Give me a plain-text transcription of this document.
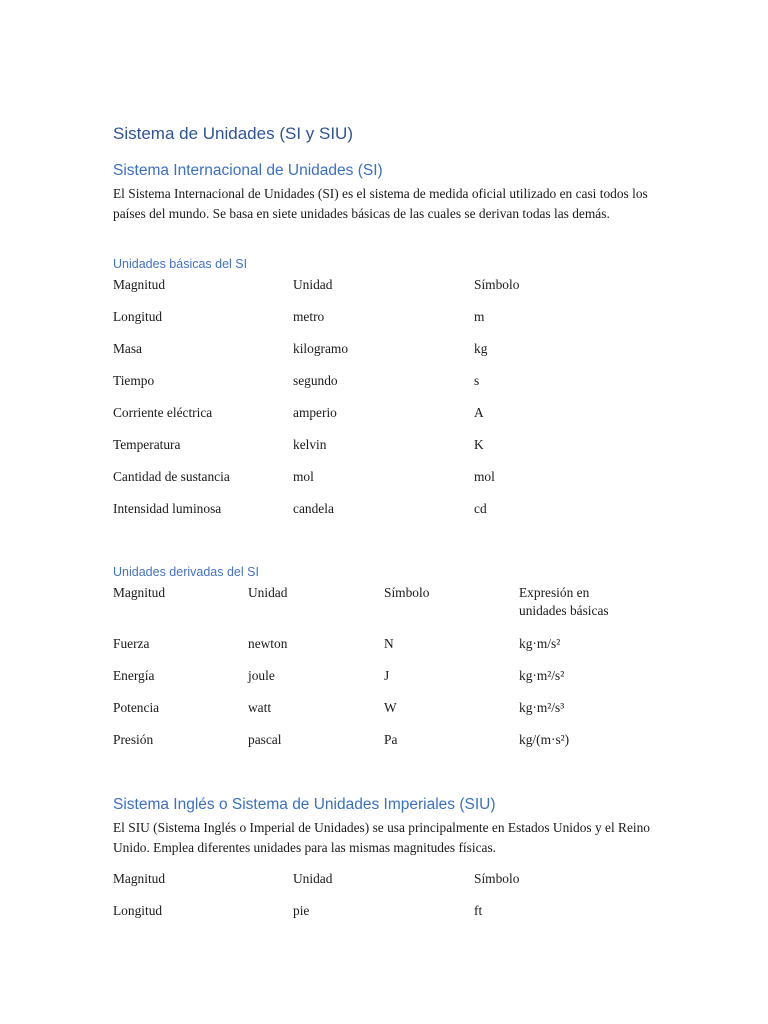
Sistema de Unidades (SI y SIU)
Sistema Internacional de Unidades (SI)

El Sistema Internacional de Unidades (SI) es el sistema de medida oficial utilizado en casi todos los países del mundo. Se basa en siete unidades básicas de las cuales se derivan todas las demás.

Unidades básicas del SI
Magnitud	Unidad	Símbolo
Longitud	metro	m
Masa	kilogramo	kg
Tiempo	segundo	s
Corriente eléctrica	amperio	A
Temperatura	kelvin	K
Cantidad de sustancia	mol	mol
Intensidad luminosa	candela	cd
Unidades derivadas del SI
Magnitud	Unidad	Símbolo	Expresión en unidades básicas
Fuerza	newton	N	kg·m/s²
Energía	joule	J	kg·m²/s²
Potencia	watt	W	kg·m²/s³
Presión	pascal	Pa	kg/(m·s²)
Sistema Inglés o Sistema de Unidades Imperiales (SIU)

El SIU (Sistema Inglés o Imperial de Unidades) se usa principalmente en Estados Unidos y el Reino Unido. Emplea diferentes unidades para las mismas magnitudes físicas.

Magnitud	Unidad	Símbolo
Longitud	pie	ft
